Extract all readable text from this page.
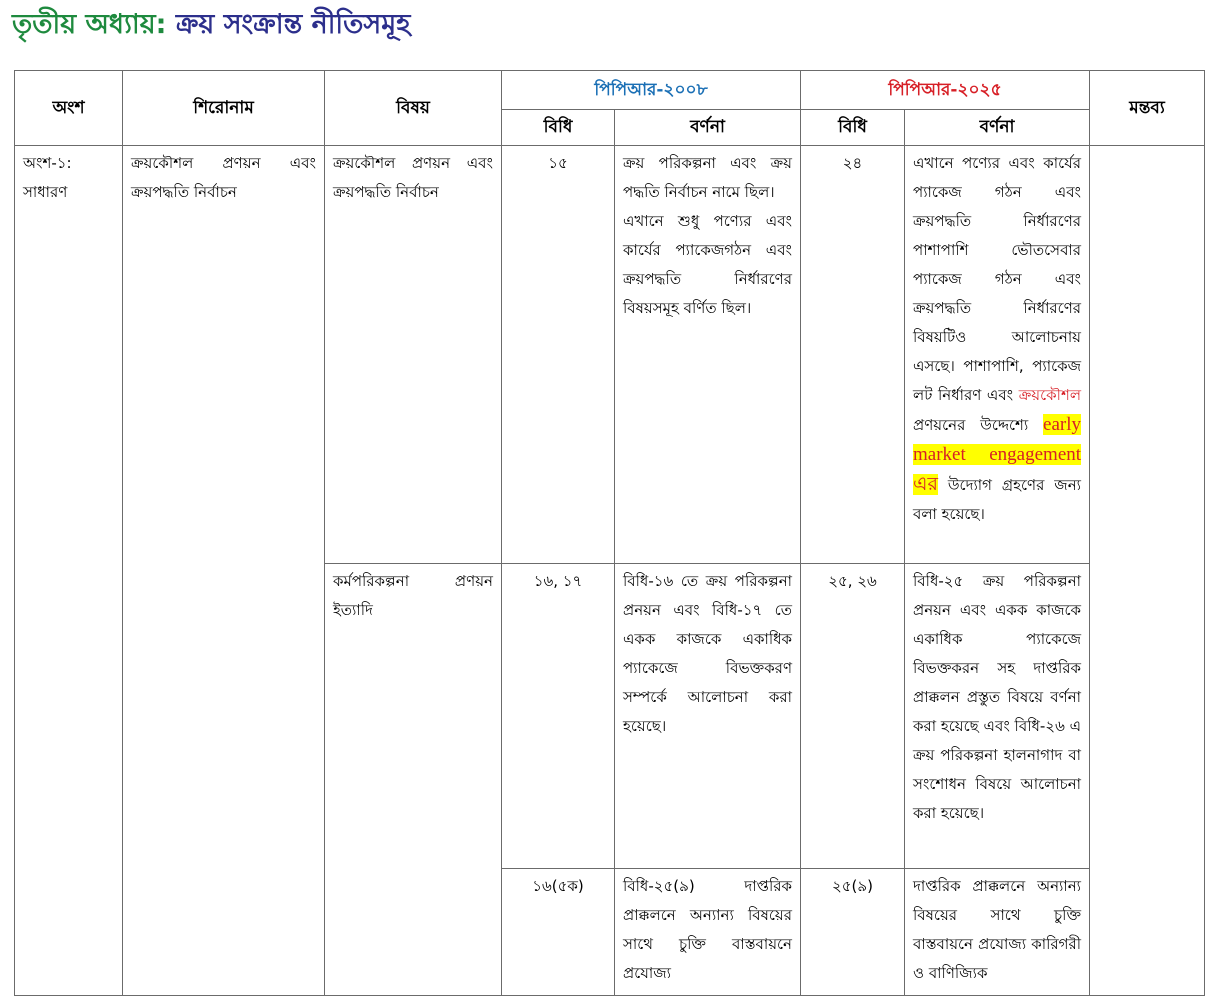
তৃতীয় অধ্যায়: ক্রয় সংক্রান্ত নীতিসমূহ
অংশ	শিরোনাম	বিষয়	পিপিআর-২০০৮		পিপিআর-২০২৫		মন্তব্য
			বিধি	বর্ণনা	বিধি	বর্ণনা	
অংশ-১: সাধারণ	ক্রয়কৌশল প্রণয়ন এবং ক্রয়পদ্ধতি নির্বাচন	ক্রয়কৌশল প্রণয়ন এবং ক্রয়পদ্ধতি নির্বাচন	১৫	ক্রয় পরিকল্পনা এবং ক্রয় পদ্ধতি নির্বাচন নামে ছিল।
এখানে শুধু পণ্যের এবং কার্যের প্যাকেজগঠন এবং ক্রয়পদ্ধতি নির্ধারণের বিষয়সমূহ বর্ণিত ছিল।	২৪	এখানে পণ্যের এবং কার্যের প্যাকেজ গঠন এবং ক্রয়পদ্ধতি নির্ধারণের পাশাপাশি ভৌতসেবার প্যাকেজ গঠন এবং ক্রয়পদ্ধতি নির্ধারণের বিষয়টিও আলোচনায় এসছে। পাশাপাশি, প্যাকেজ লট নির্ধারণ এবং ক্রয়কৌশল প্রণয়নের উদ্দেশ্যে early market engagement এর উদ্যোগ গ্রহণের জন্য বলা হয়েছে।	
		কর্মপরিকল্পনা প্রণয়ন ইত্যাদি	১৬, ১৭	বিধি-১৬ তে ক্রয় পরিকল্পনা প্রনয়ন এবং বিধি-১৭ তে একক কাজকে একাধিক প্যাকেজে বিভক্তকরণ সম্পর্কে আলোচনা করা হয়েছে।	২৫, ২৬	বিধি-২৫ ক্রয় পরিকল্পনা প্রনয়ন এবং একক কাজকে একাধিক প্যাকেজে বিভক্তকরন সহ দাপ্তরিক প্রাক্কলন প্রস্তুত বিষয়ে বর্ণনা করা হয়েছে এবং বিধি-২৬ এ ক্রয় পরিকল্পনা হালনাগাদ বা সংশোধন বিষয়ে আলোচনা করা হয়েছে।	
			১৬(৫ক)	বিধি-২৫(৯) দাপ্তরিক প্রাক্কলনে অন্যান্য বিষয়ের সাথে চুক্তি বাস্তবায়নে প্রযোজ্য	২৫(৯)	দাপ্তরিক প্রাক্কলনে অন্যান্য বিষয়ের সাথে চুক্তি বাস্তবায়নে প্রযোজ্য কারিগরী ও বাণিজ্যিক	
